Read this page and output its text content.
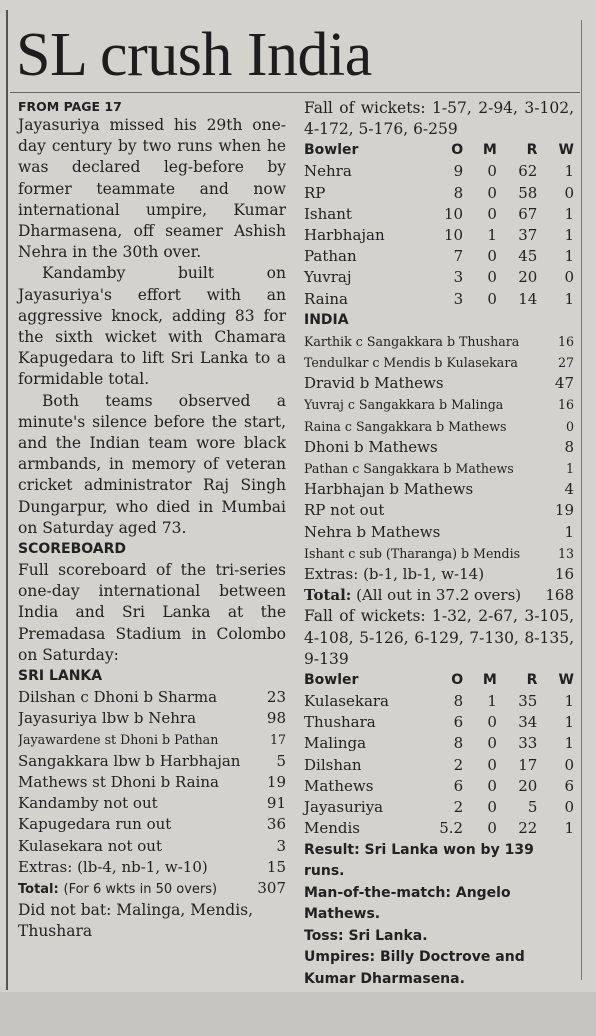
SL crush India
FROM PAGE 17

Jayasuriya missed his 29th one-day century by two runs when he was declared leg-before by former teammate and now international umpire, Kumar Dharmasena, off seamer Ashish Nehra in the 30th over.

Kandamby built on Jayasuriya's effort with an aggressive knock, adding 83 for the sixth wicket with Chamara Kapugedara to lift Sri Lanka to a formidable total.

Both teams observed a minute's silence before the start, and the Indian team wore black armbands, in memory of veteran cricket administrator Raj Singh Dungarpur, who died in Mumbai on Saturday aged 73.

SCOREBOARD
Full scoreboard of the tri-series one-day international between India and Sri Lanka at the Premadasa Stadium in Colombo on Saturday:
SRI LANKA
Dilshan c Dhoni b Sharma	23
Jayasuriya lbw b Nehra	98
Jayawardene st Dhoni b Pathan	17
Sangakkara lbw b Harbhajan 5
Mathews st Dhoni b Raina	19
Kandamby not out	91
Kapugedara run out	36
Kulasekara not out	3
Extras: (lb-4, nb-1, w-10)	15
Total: (For 6 wkts in 50 overs)	307
Did not bat: Malinga, Mendis, Thushara
Fall of wickets: 1-57, 2-94, 3-102, 4-172, 5-176, 6-259
Bowler	O	M	R	W
Nehra	9	0	62	1
RP	8	0	58	0
Ishant	10	0	67	1
Harbhajan	10	1	37	1
Pathan	7	0	45	1
Yuvraj	3	0	20	0
Raina	3	0	14	1
INDIA
Karthik c Sangakkara b Thushara	16
Tendulkar c Mendis b Kulasekara	27
Dravid b Mathews	47
Yuvraj c Sangakkara b Malinga	16
Raina c Sangakkara b Mathews	0
Dhoni b Mathews	8
Pathan c Sangakkara b Mathews	1
Harbhajan b Mathews	4
RP not out	19
Nehra b Mathews	1
Ishant c sub (Tharanga) b Mendis	13
Extras: (b-1, lb-1, w-14)	16
Total: (All out in 37.2 overs) 168
Fall of wickets: 1-32, 2-67, 3-105, 4-108, 5-126, 6-129, 7-130, 8-135, 9-139
Bowler	O	M	R	W
Kulasekara	8	1	35	1
Thushara	6	0	34	1
Malinga	8	0	33	1
Dilshan	2	0	17	0
Mathews	6	0	20	6
Jayasuriya	2	0	5	0
Mendis	5.2	0	22	1
Result: Sri Lanka won by 139 runs.
Man-of-the-match: Angelo Mathews.
Toss: Sri Lanka.
Umpires: Billy Doctrove and Kumar Dharmasena.
